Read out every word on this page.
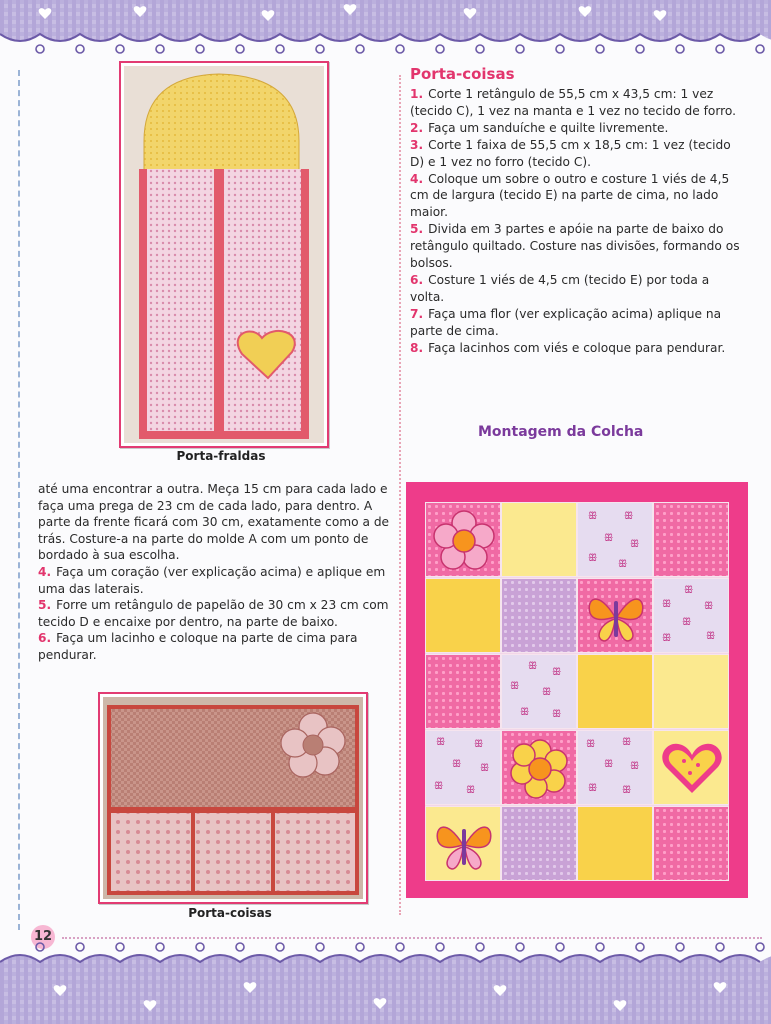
Porta-fraldas
Porta-coisas
1. Corte 1 retângulo de 55,5 cm x 43,5 cm: 1 vez (tecido C), 1 vez na manta e 1 vez no tecido de forro.
2. Faça um sanduíche e quilte livremente.
3. Corte 1 faixa de 55,5 cm x 18,5 cm: 1 vez (tecido D) e 1 vez no forro (tecido C).
4. Coloque um sobre o outro e costure 1 viés de 4,5 cm de largura (tecido E) na parte de cima, no lado maior.
5. Divida em 3 partes e apóie na parte de baixo do retângulo quiltado. Costure nas divisões, formando os bolsos.
6. Costure 1 viés de 4,5 cm (tecido E) por toda a volta.
7. Faça uma flor (ver explicação acima) aplique na parte de cima.
8. Faça lacinhos com viés e coloque para pendurar.
Montagem da Colcha
ꕥ	ꕥ
ꕥ
ꕥ
ꕥ
ꕥ
ꕥ
ꕥ	ꕥ
ꕥ
ꕥ	ꕥ
ꕥ
ꕥ
ꕥ
ꕥ
ꕥ ꕥ
ꕥ	ꕥ
ꕥ ꕥ
ꕥ ꕥ
ꕥ	ꕥ
ꕥ ꕥ
ꕥ ꕥ

até uma encontrar a outra. Meça 15 cm para cada lado e faça uma prega de 23 cm de cada lado, para dentro. A parte da frente ficará com 30 cm, exatamente como a de trás. Costure-a na parte do molde A com um ponto de bordado à sua escolha.

4. Faça um coração (ver explicação acima) e aplique em uma das laterais.

5. Forre um retângulo de papelão de 30 cm x 23 cm com tecido D e encaixe por dentro, na parte de baixo.

6. Faça um lacinho e coloque na parte de cima para pendurar.

Porta-coisas
12
